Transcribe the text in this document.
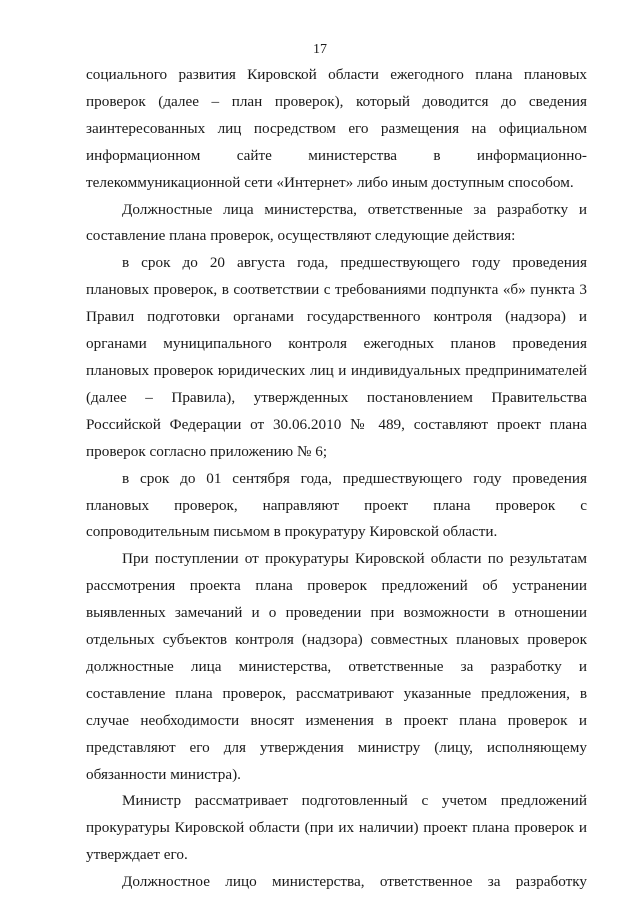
17

социального развития Кировской области ежегодного плана плановых проверок (далее – план проверок), который доводится до сведения заинтересованных лиц посредством его размещения на официальном информационном сайте министерства в информационно-телекоммуникационной сети «Интернет» либо иным доступным способом.

Должностные лица министерства, ответственные за разработку и составление плана проверок, осуществляют следующие действия:

в срок до 20 августа года, предшествующего году проведения плановых проверок, в соответствии с требованиями подпункта «б» пункта 3 Правил подготовки органами государственного контроля (надзора) и органами муниципального контроля ежегодных планов проведения плановых проверок юридических лиц и индивидуальных предпринимателей (далее – Правила), утвержденных постановлением Правительства Российской Федерации от 30.06.2010 № 489, составляют проект плана проверок согласно приложению № 6;

в срок до 01 сентября года, предшествующего году проведения плановых проверок, направляют проект плана проверок с сопроводительным письмом в прокуратуру Кировской области.

При поступлении от прокуратуры Кировской области по результатам рассмотрения проекта плана проверок предложений об устранении выявленных замечаний и о проведении при возможности в отношении отдельных субъектов контроля (надзора) совместных плановых проверок должностные лица министерства, ответственные за разработку и составление плана проверок, рассматривают указанные предложения, в случае необходимости вносят изменения в проект плана проверок и представляют его для утверждения министру (лицу, исполняющему обязанности министра).

Министр рассматривает подготовленный с учетом предложений прокуратуры Кировской области (при их наличии) проект плана проверок и утверждает его.

Должностное лицо министерства, ответственное за разработку
